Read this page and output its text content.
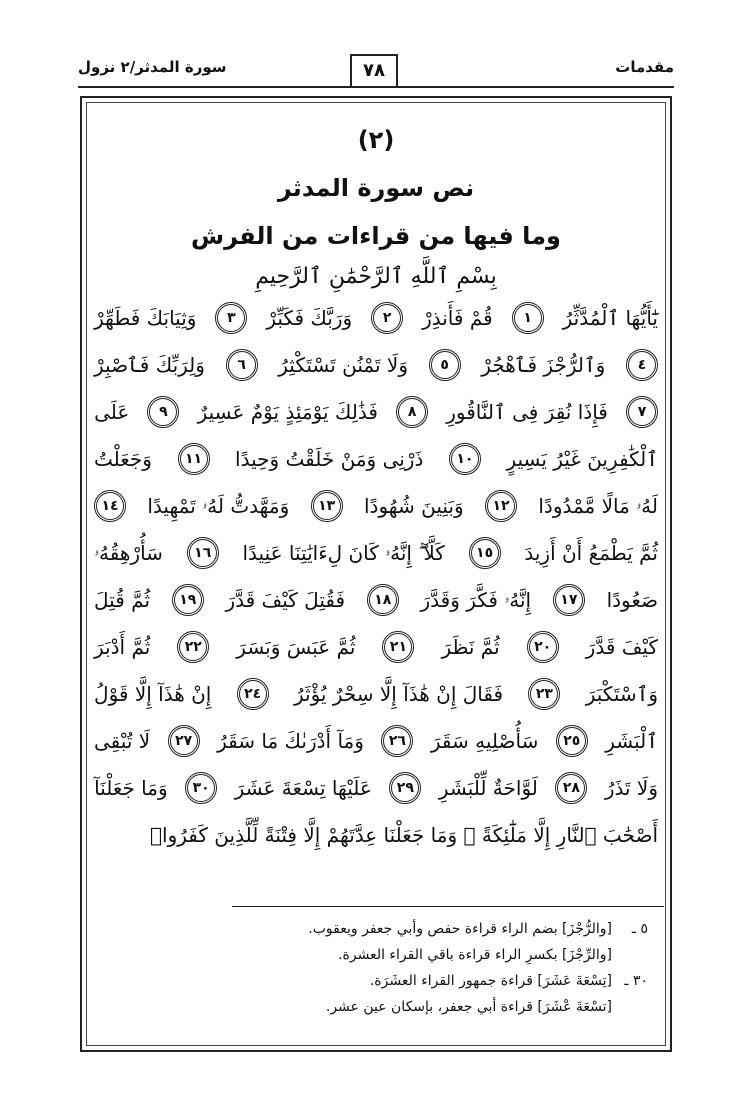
مقدمات
٧٨
سورة المدثر/٢ نزول
(٢)
نص سورة المدثر
وما فيها من قراءات من الفرش
بِسْمِ ٱللَّهِ ٱلرَّحْمَٰنِ ٱلرَّحِيمِ
يَٰٓأَيُّهَا ٱلْمُدَّثِّرُ
١
قُمْ فَأَنذِرْ
٢
وَرَبَّكَ فَكَبِّرْ
٣
وَثِيَابَكَ فَطَهِّرْ
٤
وَٱلرُّجْزَ فَٱهْجُرْ
٥
وَلَا تَمْنُن تَسْتَكْثِرُ
٦
وَلِرَبِّكَ فَٱصْبِرْ
٧
فَإِذَا نُقِرَ فِى ٱلنَّاقُورِ
٨
فَذَٰلِكَ يَوْمَئِذٍ يَوْمٌ عَسِيرٌ
٩
عَلَى
ٱلْكَٰفِرِينَ غَيْرُ يَسِيرٍ
١٠
ذَرْنِى وَمَنْ خَلَقْتُ وَحِيدًا
١١
وَجَعَلْتُ
لَهُۥ مَالًا مَّمْدُودًا
١٢
وَبَنِينَ شُهُودًا
١٣
وَمَهَّدتُّ لَهُۥ تَمْهِيدًا
١٤
ثُمَّ يَطْمَعُ أَنْ أَزِيدَ
١٥
كَلَّآ ۖ إِنَّهُۥ كَانَ لِءَايَٰتِنَا عَنِيدًا
١٦
سَأُرْهِقُهُۥ
صَعُودًا
١٧
إِنَّهُۥ فَكَّرَ وَقَدَّرَ
١٨
فَقُتِلَ كَيْفَ قَدَّرَ
١٩
ثُمَّ قُتِلَ
كَيْفَ قَدَّرَ
٢٠
ثُمَّ نَظَرَ
٢١
ثُمَّ عَبَسَ وَبَسَرَ
٢٢
ثُمَّ أَدْبَرَ
وَٱسْتَكْبَرَ
٢٣
فَقَالَ إِنْ هَٰذَآ إِلَّا سِحْرٌ يُؤْثَرُ
٢٤
إِنْ هَٰذَآ إِلَّا قَوْلُ
ٱلْبَشَرِ
٢٥
سَأُصْلِيهِ سَقَرَ
٢٦
وَمَآ أَدْرَىٰكَ مَا سَقَرُ
٢٧
لَا تُبْقِى
وَلَا تَذَرُ
٢٨
لَوَّاحَةٌ لِّلْبَشَرِ
٢٩
عَلَيْهَا تِسْعَةَ عَشَرَ
٣٠
وَمَا جَعَلْنَآ
أَصْحَٰبَ ٱلنَّارِ إِلَّا مَلَٰٓئِكَةً ۙ وَمَا جَعَلْنَا عِدَّتَهُمْ إِلَّا فِتْنَةً لِّلَّذِينَ كَفَرُوا۟
٥ ـ[والرُّجْزَ] بضم الراء قراءة حفص وأبي جعفر ويعقوب.
[والرِّجْزَ] بكسرِ الراء قراءة باقي القراء العشرة.
٣٠ ـ[تِسْعَةَ عَشَرَ] قراءة جمهور القراء العشَرَة.
[تسْعَةَ عْشَرَ] قراءة أبي جعفر، بإسكان عين عشر.
